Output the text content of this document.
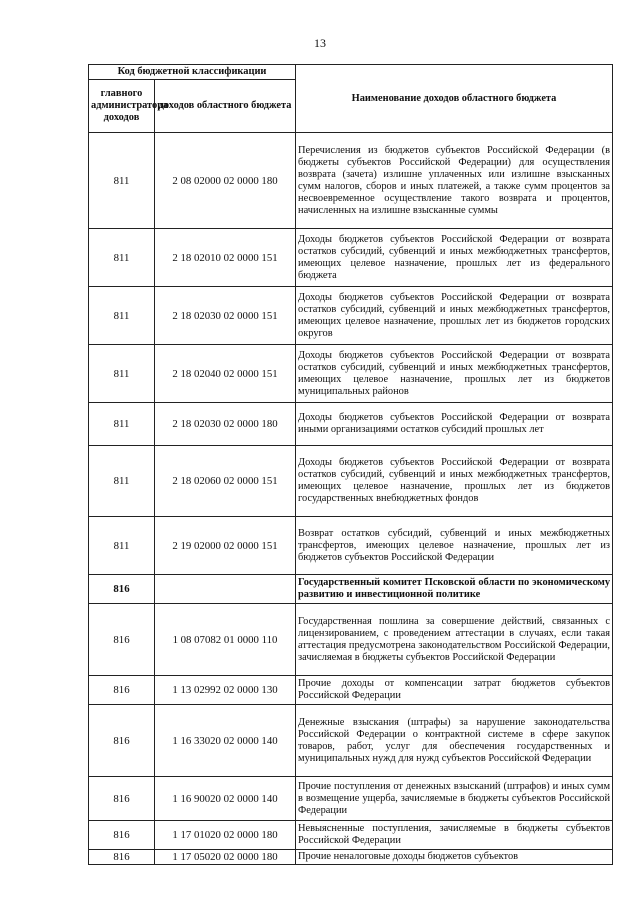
13
Код бюджетной классификации		Наименование доходов областного бюджета
главного администратора доходов	доходов областного бюджета	
811	2 08 02000 02 0000 180	Перечисления из бюджетов субъектов Российской Федерации (в бюджеты субъектов Российской Федерации) для осуществления возврата (зачета) излишне уплаченных или излишне взысканных сумм налогов, сборов и иных платежей, а также сумм процентов за несвоевременное осуществление такого возврата и процентов, начисленных на излишне взысканные суммы
811	2 18 02010 02 0000 151	Доходы бюджетов субъектов Российской Федерации от возврата остатков субсидий, субвенций и иных межбюджетных трансфертов, имеющих целевое назначение, прошлых лет из федерального бюджета
811	2 18 02030 02 0000 151	Доходы бюджетов субъектов Российской Федерации от возврата остатков субсидий, субвенций и иных межбюджетных трансфертов, имеющих целевое назначение, прошлых лет из бюджетов городских округов
811	2 18 02040 02 0000 151	Доходы бюджетов субъектов Российской Федерации от возврата остатков субсидий, субвенций и иных межбюджетных трансфертов, имеющих целевое назначение, прошлых лет из бюджетов муниципальных районов
811	2 18 02030 02 0000 180	Доходы бюджетов субъектов Российской Федерации от возврата иными организациями остатков субсидий прошлых лет
811	2 18 02060 02 0000 151	Доходы бюджетов субъектов Российской Федерации от возврата остатков субсидий, субвенций и иных межбюджетных трансфертов, имеющих целевое назначение, прошлых лет из бюджетов государственных внебюджетных фондов
811	2 19 02000 02 0000 151	Возврат остатков субсидий, субвенций и иных межбюджетных трансфертов, имеющих целевое назначение, прошлых лет из бюджетов субъектов Российской Федерации
816		Государственный комитет Псковской области по экономическому развитию и инвестиционной политике
816	1 08 07082 01 0000 110	Государственная пошлина за совершение действий, связанных с лицензированием, с проведением аттестации в случаях, если такая аттестация предусмотрена законодательством Российской Федерации, зачисляемая в бюджеты субъектов Российской Федерации
816	1 13 02992 02 0000 130	Прочие доходы от компенсации затрат бюджетов субъектов Российской Федерации
816	1 16 33020 02 0000 140	Денежные взыскания (штрафы) за нарушение законодательства Российской Федерации о контрактной системе в сфере закупок товаров, работ, услуг для обеспечения государственных и муниципальных нужд для нужд субъектов Российской Федерации
816	1 16 90020 02 0000 140	Прочие поступления от денежных взысканий (штрафов) и иных сумм в возмещение ущерба, зачисляемые в бюджеты субъектов Российской Федерации
816	1 17 01020 02 0000 180	Невыясненные поступления, зачисляемые в бюджеты субъектов Российской Федерации
816	1 17 05020 02 0000 180	Прочие неналоговые доходы бюджетов субъектов
